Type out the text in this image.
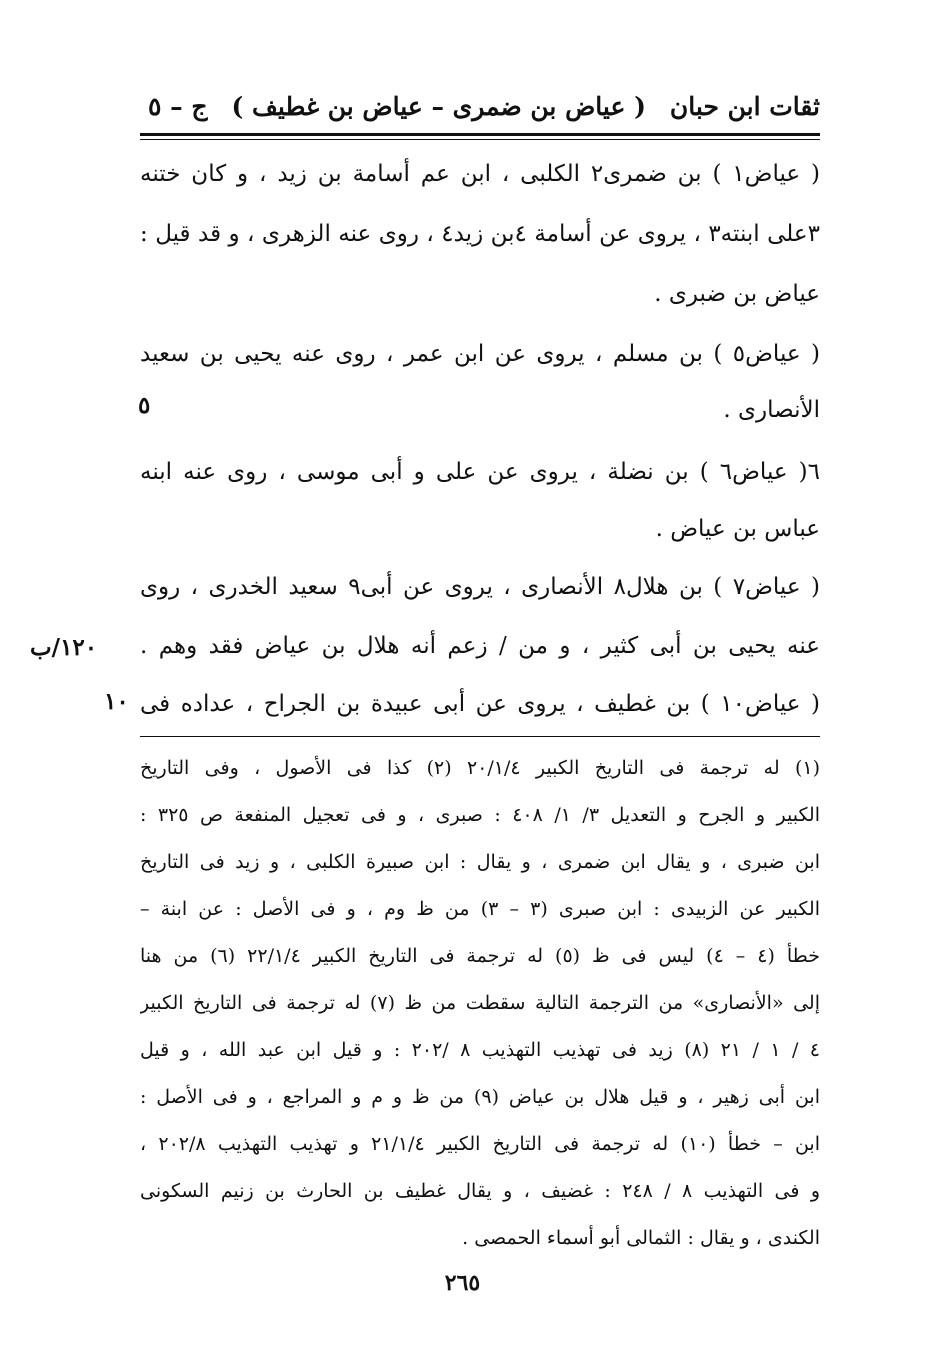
ثقات ابن حبان
( عياض بن ضمرى – عياض بن غطيف )
ج – ٥
( عياض١ ) بن ضمرى٢ الكلبى ، ابن عم أسامة بن زيد ، و كان ختنه
٣على ابنته٣ ، يروى عن أسامة ٤بن زيد٤ ، روى عنه الزهرى ، و قد قيل :
عياض بن ضبرى .
( عياض٥ ) بن مسلم ، يروى عن ابن عمر ، روى عنه يحيى بن سعيد
الأنصارى .
٦( عياض٦ ) بن نضلة ، يروى عن على و أبى موسى ، روى عنه ابنه
عباس بن عياض .
( عياض٧ ) بن هلال٨ الأنصارى ، يروى عن أبى٩ سعيد الخدرى ، روى
عنه يحيى بن أبى كثير ، و من / زعم أنه هلال بن عياض فقد وهم .
( عياض١٠ ) بن غطيف ، يروى عن أبى عبيدة بن الجراح ، عداده فى
٥
١٢٠/ب
١٠
(١) له ترجمة فى التاريخ الكبير ٢٠/١/٤ (٢) كذا فى الأصول ، وفى التاريخ
الكبير و الجرح و التعديل ٣/ ١/ ٤٠٨ : صبرى ، و فى تعجيل المنفعة ص ٣٢٥ :
ابن ضبرى ، و يقال ابن ضمرى ، و يقال : ابن صبيرة الكلبى ، و زيد فى التاريخ
الكبير عن الزبيدى : ابن صبرى (٣ – ٣) من ظ وم ، و فى الأصل : عن ابنة –
خطأ (٤ – ٤) ليس فى ظ (٥) له ترجمة فى التاريخ الكبير ٢٢/١/٤ (٦) من هنا
إلى «الأنصارى» من الترجمة التالية سقطت من ظ (٧) له ترجمة فى التاريخ الكبير
٤ / ١ / ٢١ (٨) زيد فى تهذيب التهذيب ٨ /٢٠٢ : و قيل ابن عبد الله ، و قيل
ابن أبى زهير ، و قيل هلال بن عياض (٩) من ظ و م و المراجع ، و فى الأصل :
ابن – خطأ (١٠) له ترجمة فى التاريخ الكبير ٢١/١/٤ و تهذيب التهذيب ٢٠٢/٨ ،
و فى التهذيب ٨ / ٢٤٨ : غضيف ، و يقال غطيف بن الحارث بن زنيم السكونى
الكندى ، و يقال : الثمالى أبو أسماء الحمصى .
٢٦٥
